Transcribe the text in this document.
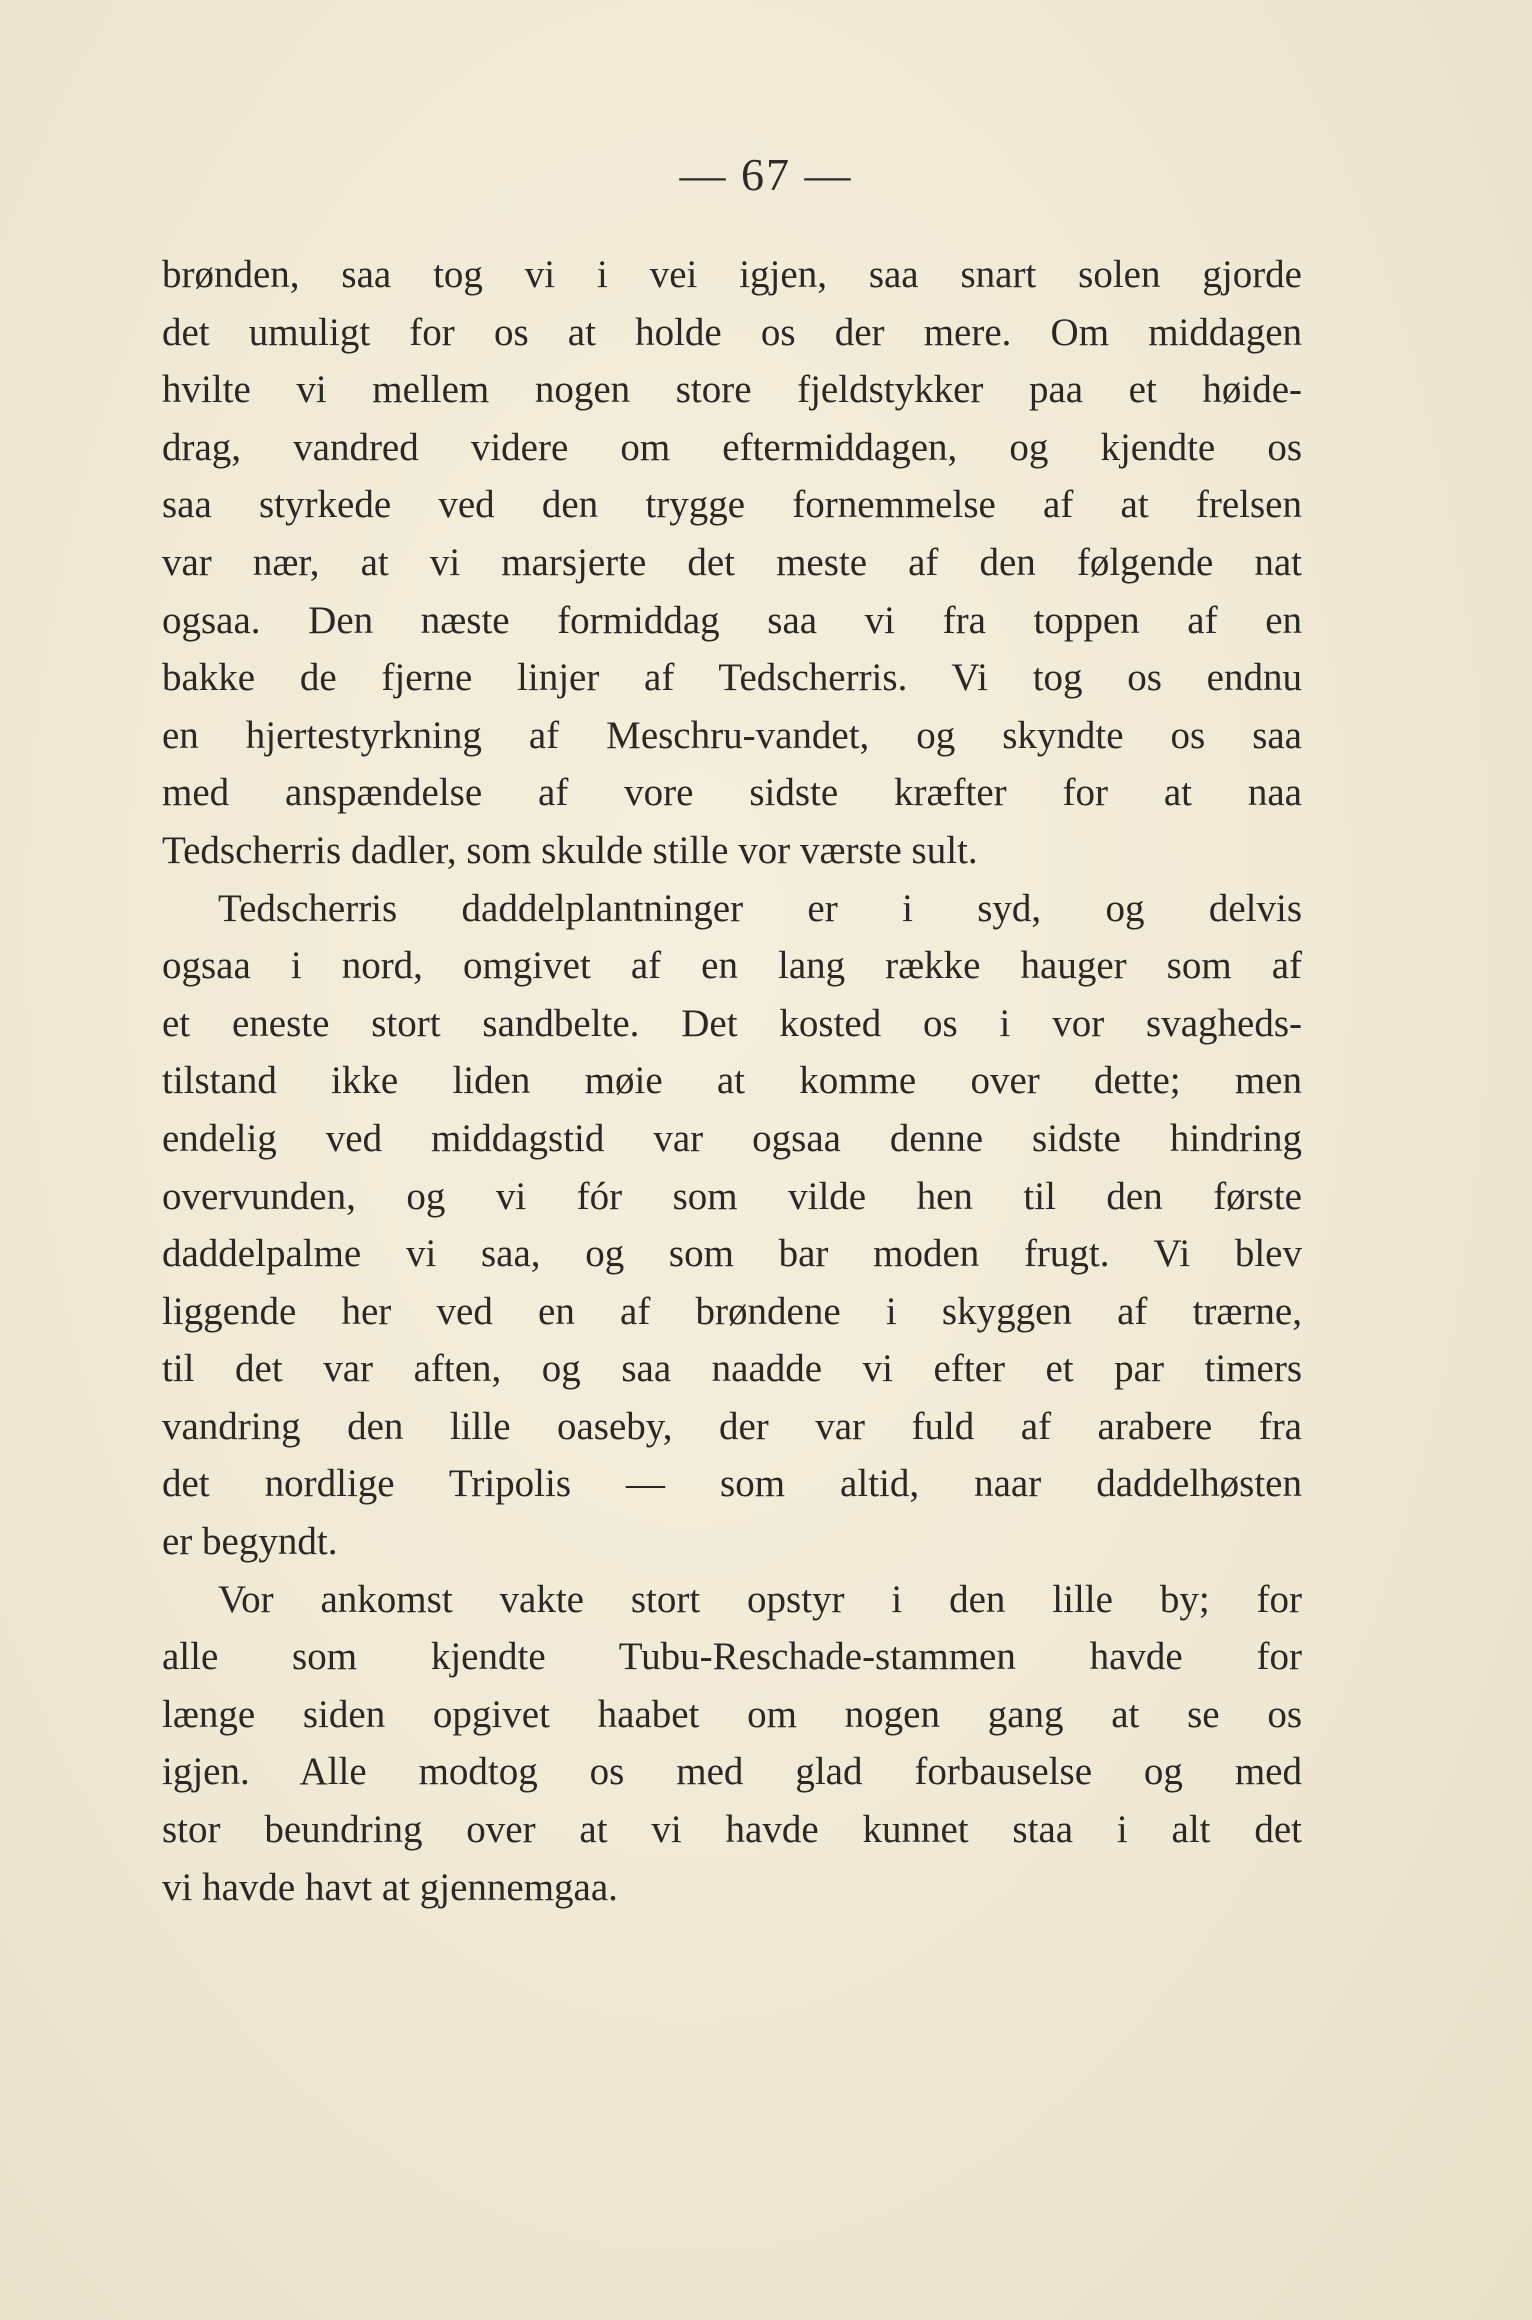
— 67 —
brønden, saa tog vi i vei igjen, saa snart solen gjorde
det umuligt for os at holde os der mere. Om middagen
hvilte vi mellem nogen store fjeldstykker paa et høide-
drag, vandred videre om eftermiddagen, og kjendte os
saa styrkede ved den trygge fornemmelse af at frelsen
var nær, at vi marsjerte det meste af den følgende nat
ogsaa. Den næste formiddag saa vi fra toppen af en
bakke de fjerne linjer af Tedscherris. Vi tog os endnu
en hjertestyrkning af Meschru-vandet, og skyndte os saa
med anspændelse af vore sidste kræfter for at naa
Tedscherris dadler, som skulde stille vor værste sult.
Tedscherris daddelplantninger er i syd, og delvis
ogsaa i nord, omgivet af en lang række hauger som af
et eneste stort sandbelte. Det kosted os i vor svagheds-
tilstand ikke liden møie at komme over dette; men
endelig ved middagstid var ogsaa denne sidste hindring
overvunden, og vi fór som vilde hen til den første
daddelpalme vi saa, og som bar moden frugt. Vi blev
liggende her ved en af brøndene i skyggen af trærne,
til det var aften, og saa naadde vi efter et par timers
vandring den lille oaseby, der var fuld af arabere fra
det nordlige Tripolis — som altid, naar daddelhøsten
er begyndt.
Vor ankomst vakte stort opstyr i den lille by; for
alle som kjendte Tubu-Reschade-stammen havde for
længe siden opgivet haabet om nogen gang at se os
igjen. Alle modtog os med glad forbauselse og med
stor beundring over at vi havde kunnet staa i alt det
vi havde havt at gjennemgaa.
